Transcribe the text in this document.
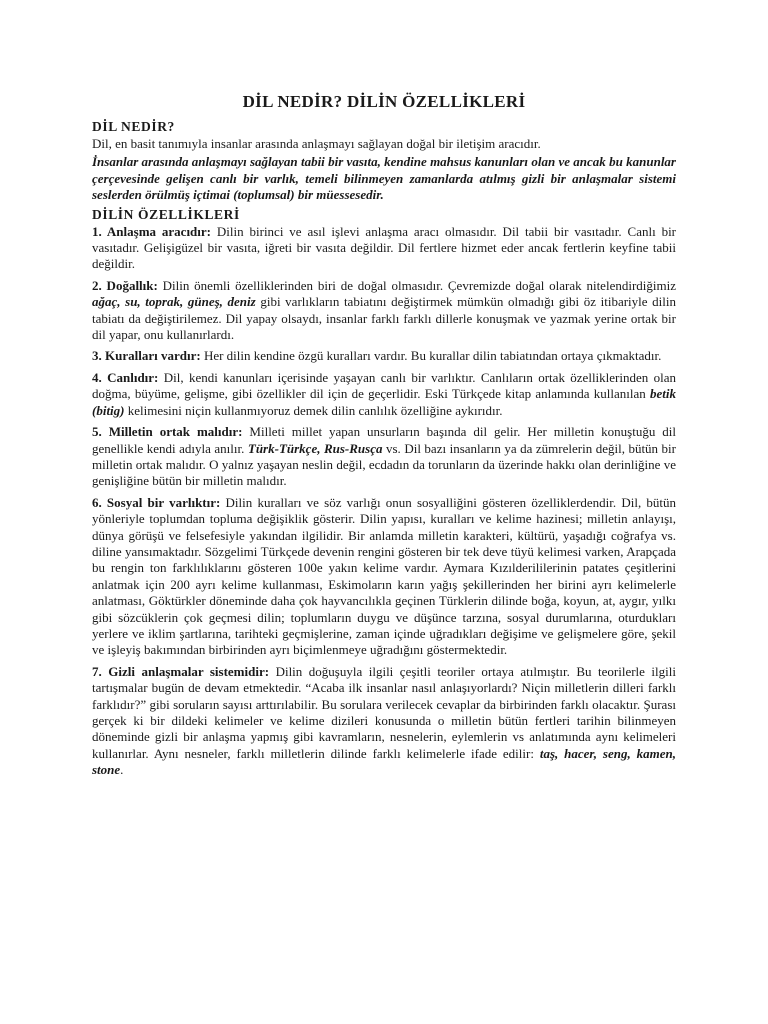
DİL NEDİR? DİLİN ÖZELLİKLERİ
DİL NEDİR?

Dil, en basit tanımıyla insanlar arasında anlaşmayı sağlayan doğal bir iletişim aracıdır.

İnsanlar arasında anlaşmayı sağlayan tabii bir vasıta, kendine mahsus kanunları olan ve ancak bu kanunlar çerçevesinde gelişen canlı bir varlık, temeli bilinmeyen zamanlarda atılmış gizli bir anlaşmalar sistemi seslerden örülmüş içtimai (toplumsal) bir müessesedir.

DİLİN ÖZELLİKLERİ

1. Anlaşma aracıdır: Dilin birinci ve asıl işlevi anlaşma aracı olmasıdır. Dil tabii bir vasıtadır. Canlı bir vasıtadır. Gelişigüzel bir vasıta, iğreti bir vasıta değildir. Dil fertlere hizmet eder ancak fertlerin keyfine tabii değildir.

2. Doğallık: Dilin önemli özelliklerinden biri de doğal olmasıdır. Çevremizde doğal olarak nitelendirdiğimiz ağaç, su, toprak, güneş, deniz gibi varlıkların tabiatını değiştirmek mümkün olmadığı gibi öz itibariyle dilin tabiatı da değiştirilemez. Dil yapay olsaydı, insanlar farklı farklı dillerle konuşmak ve yazmak yerine ortak bir dil yapar, onu kullanırlardı.

3. Kuralları vardır: Her dilin kendine özgü kuralları vardır. Bu kurallar dilin tabiatından ortaya çıkmaktadır.

4. Canlıdır: Dil, kendi kanunları içerisinde yaşayan canlı bir varlıktır. Canlıların ortak özelliklerinden olan doğma, büyüme, gelişme, gibi özellikler dil için de geçerlidir. Eski Türkçede kitap anlamında kullanılan betik (bitig) kelimesini niçin kullanmıyoruz demek dilin canlılık özelliğine aykırıdır.

5. Milletin ortak malıdır: Milleti millet yapan unsurların başında dil gelir. Her milletin konuştuğu dil genellikle kendi adıyla anılır. Türk-Türkçe, Rus-Rusça vs. Dil bazı insanların ya da zümrelerin değil, bütün bir milletin ortak malıdır. O yalnız yaşayan neslin değil, ecdadın da torunların da üzerinde hakkı olan derinliğine ve genişliğine bütün bir milletin malıdır.

6. Sosyal bir varlıktır: Dilin kuralları ve söz varlığı onun sosyalliğini gösteren özelliklerdendir. Dil, bütün yönleriyle toplumdan topluma değişiklik gösterir. Dilin yapısı, kuralları ve kelime hazinesi; milletin anlayışı, dünya görüşü ve felsefesiyle yakından ilgilidir. Bir anlamda milletin karakteri, kültürü, yaşadığı coğrafya vs. diline yansımaktadır. Sözgelimi Türkçede devenin rengini gösteren bir tek deve tüyü kelimesi varken, Arapçada bu rengin ton farklılıklarını gösteren 100e yakın kelime vardır. Aymara Kızılderililerinin patates çeşitlerini anlatmak için 200 ayrı kelime kullanması, Eskimoların karın yağış şekillerinden her birini ayrı kelimelerle anlatması, Göktürkler döneminde daha çok hayvancılıkla geçinen Türklerin dilinde boğa, koyun, at, aygır, yılkı gibi sözcüklerin çok geçmesi dilin; toplumların duygu ve düşünce tarzına, sosyal durumlarına, oturdukları yerlere ve iklim şartlarına, tarihteki geçmişlerine, zaman içinde uğradıkları değişime ve gelişmelere göre, şekil ve işleyiş bakımından birbirinden ayrı biçimlenmeye uğradığını göstermektedir.

7. Gizli anlaşmalar sistemidir: Dilin doğuşuyla ilgili çeşitli teoriler ortaya atılmıştır. Bu teorilerle ilgili tartışmalar bugün de devam etmektedir. “Acaba ilk insanlar nasıl anlaşıyorlardı? Niçin milletlerin dilleri farklı farklıdır?” gibi soruların sayısı arttırılabilir. Bu sorulara verilecek cevaplar da birbirinden farklı olacaktır. Şurası gerçek ki bir dildeki kelimeler ve kelime dizileri konusunda o milletin bütün fertleri tarihin bilinmeyen döneminde gizli bir anlaşma yapmış gibi kavramların, nesnelerin, eylemlerin vs anlatımında aynı kelimeleri kullanırlar. Aynı nesneler, farklı milletlerin dilinde farklı kelimelerle ifade edilir: taş, hacer, seng, kamen, stone.
